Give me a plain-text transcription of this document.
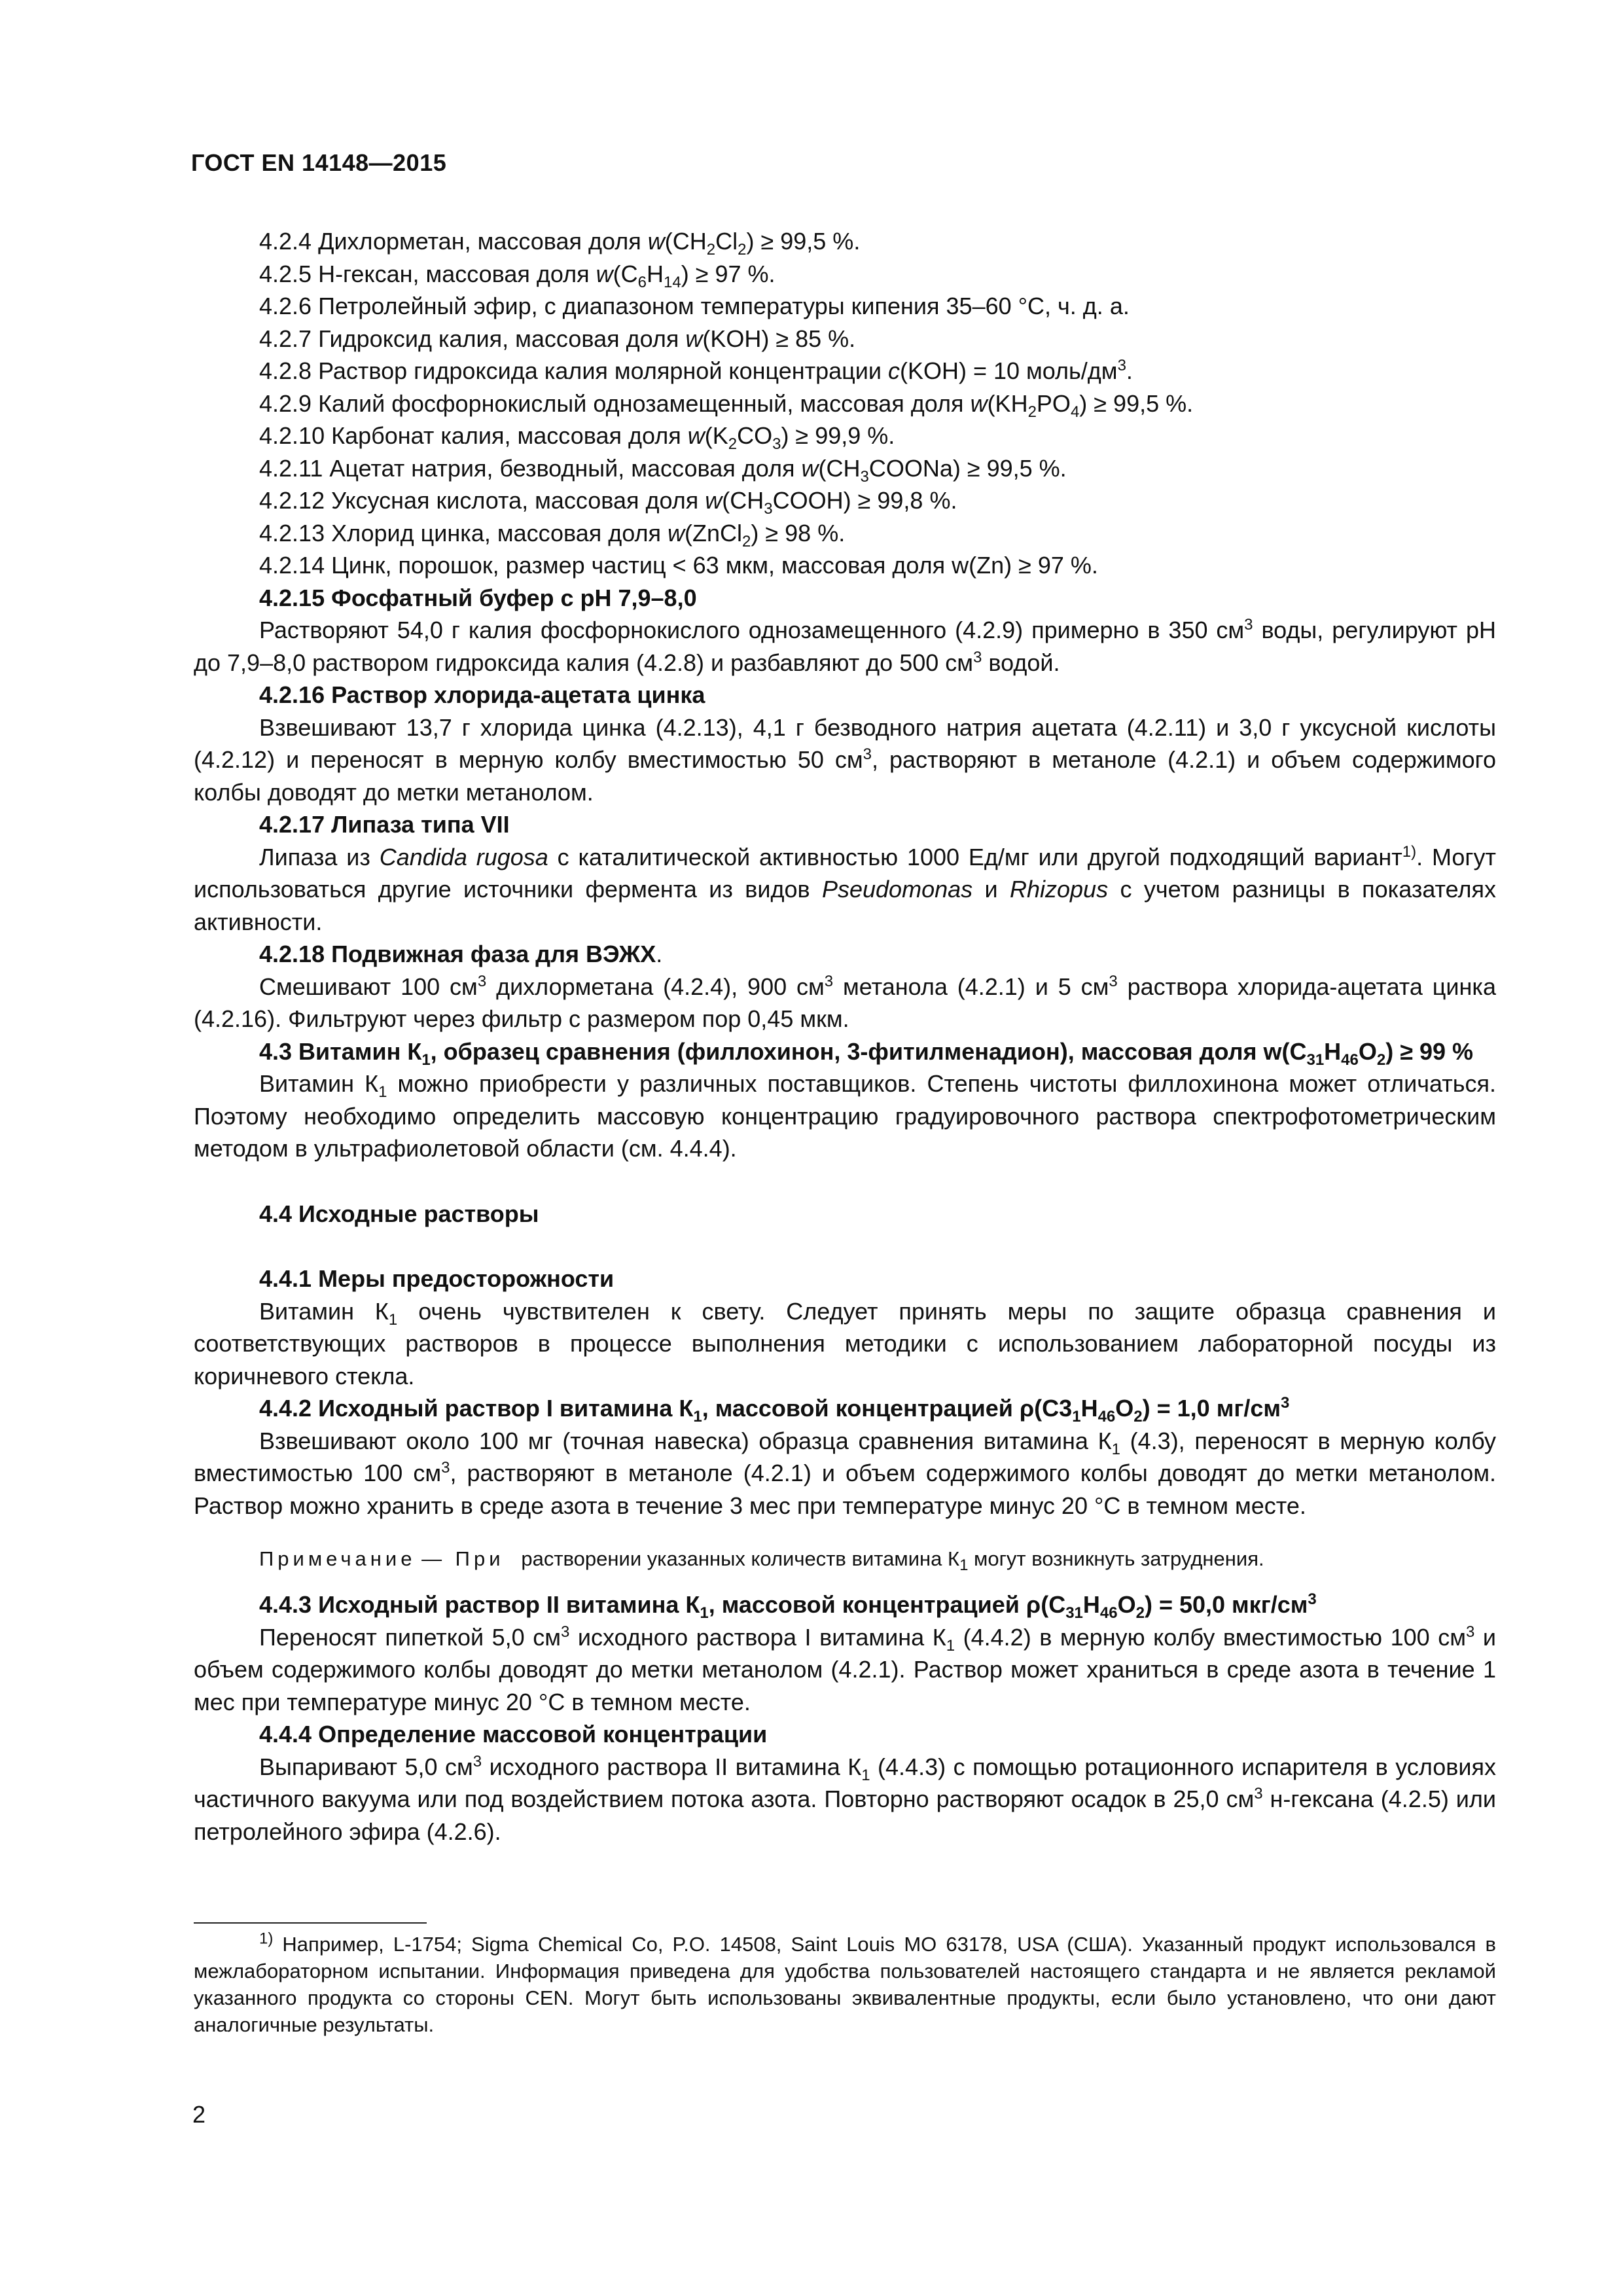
ГОСТ EN 14148—2015
4.2.4 Дихлорметан, массовая доля $w(CH_2Cl_2) \ge 99,5$ %.
4.2.5 Н-гексан, массовая доля $w(C_6H_{14}) \ge 97$ %.
4.2.6 Петролейный эфир, с диапазоном температуры кипения 35–60 °С, ч. д. а.
4.2.7 Гидроксид калия, массовая доля w(KOH) ≥ 85 %.
4.2.8 Раствор гидроксида калия молярной концентрации c(KOH) = 10 моль/$дм^3$.
4.2.9 Калий фосфорнокислый однозамещенный, массовая доля $w(KH_2PO_4) \ge 99,5$ %.
4.2.10 Карбонат калия, массовая доля $w(K_2CO_3) \ge 99,9$ %.
4.2.11 Ацетат натрия, безводный, массовая доля $w(CH_3COONa) \ge 99,5$ %.
4.2.12 Уксусная кислота, массовая доля $w(CH_3COOH) \ge 99,8$ %.
4.2.13 Хлорид цинка, массовая доля w(ZnCl$_2$) ≥ 98 %.
4.2.14 Цинк, порошок, размер частиц < 63 мкм, массовая доля w(Zn) ≥ 97 %.
4.2.15 Фосфатный буфер с рН 7,9–8,0
Растворяют 54,0 г калия фосфорнокислого однозамещенного (4.2.9) примерно в 350 $см^3$ воды, регулируют рН до 7,9–8,0 раствором гидроксида калия (4.2.8) и разбавляют до 500 $см^3$ водой.
4.2.16 Раствор хлорида-ацетата цинка
Взвешивают 13,7 г хлорида цинка (4.2.13), 4,1 г безводного натрия ацетата (4.2.11) и 3,0 г уксусной кислоты (4.2.12) и переносят в мерную колбу вместимостью 50 $см^3$, растворяют в метаноле (4.2.1) и объем содержимого колбы доводят до метки метанолом.
4.2.17 Липаза типа VII
Липаза из Candida rugosa с каталитической активностью 1000 Ед/мг или другой подходящий вариант$^{1)}$. Могут использоваться другие источники фермента из видов Pseudomonas и Rhizopus с учетом разницы в показателях активности.
4.2.18 Подвижная фаза для ВЭЖХ.
Смешивают 100 $см^3$ дихлорметана (4.2.4), 900 $см^3$ метанола (4.2.1) и 5 $см^3$ раствора хлорида-ацетата цинка (4.2.16). Фильтруют через фильтр с размером пор 0,45 мкм.
4.3 Витамин $К_1$, образец сравнения (филлохинон, 3-фитилменадион), массовая доля $w(C_{31}H_{46}O_2) \ge 99$ %
Витамин $К_1$ можно приобрести у различных поставщиков. Степень чистоты филлохинона может отличаться. Поэтому необходимо определить массовую концентрацию градуировочного раствора спектрофотометрическим методом в ультрафиолетовой области (см. 4.4.4).
4.4 Исходные растворы
4.4.1 Меры предосторожности
Витамин $К_1$ очень чувствителен к свету. Следует принять меры по защите образца сравнения и соответствующих растворов в процессе выполнения методики с использованием лабораторной посуды из коричневого стекла.
4.4.2 Исходный раствор I витамина $К_1$, массовой концентрацией $\rho(C3_1H_{46}O_2) = 1,0$ $мг/см^3$
Взвешивают около 100 мг (точная навеска) образца сравнения витамина $К_1$ (4.3), переносят в мерную колбу вместимостью 100 $см^3$, растворяют в метаноле (4.2.1) и объем содержимого колбы доводят до метки метанолом. Раствор можно хранить в среде азота в течение 3 мес при температуре минус 20 °С в темном месте.
Примечание — При растворении указанных количеств витамина $К_1$ могут возникнуть затруднения.
4.4.3 Исходный раствор II витамина $К_1$, массовой концентрацией $\rho(C_{31}H_{46}O_2) = 50,0$ мкг/$см^3$
Переносят пипеткой 5,0 $см^3$ исходного раствора I витамина $К_1$ (4.4.2) в мерную колбу вместимостью 100 $см^3$ и объем содержимого колбы доводят до метки метанолом (4.2.1). Раствор может храниться в среде азота в течение 1 мес при температуре минус 20 °С в темном месте.
4.4.4 Определение массовой концентрации
Выпаривают 5,0 $см^3$ исходного раствора II витамина $К_1$ (4.4.3) с помощью ротационного испарителя в условиях частичного вакуума или под воздействием потока азота. Повторно растворяют осадок в 25,0 $см^3$ н-гексана (4.2.5) или петролейного эфира (4.2.6).
$^{1)}$ Например, L-1754; Sigma Chemical Co, P.O. 14508, Saint Louis MO 63178, USA (США). Указанный продукт использовался в межлабораторном испытании. Информация приведена для удобства пользователей настоящего стандарта и не является рекламой указанного продукта со стороны CEN. Могут быть использованы эквивалентные продукты, если было установлено, что они дают аналогичные результаты.
2
